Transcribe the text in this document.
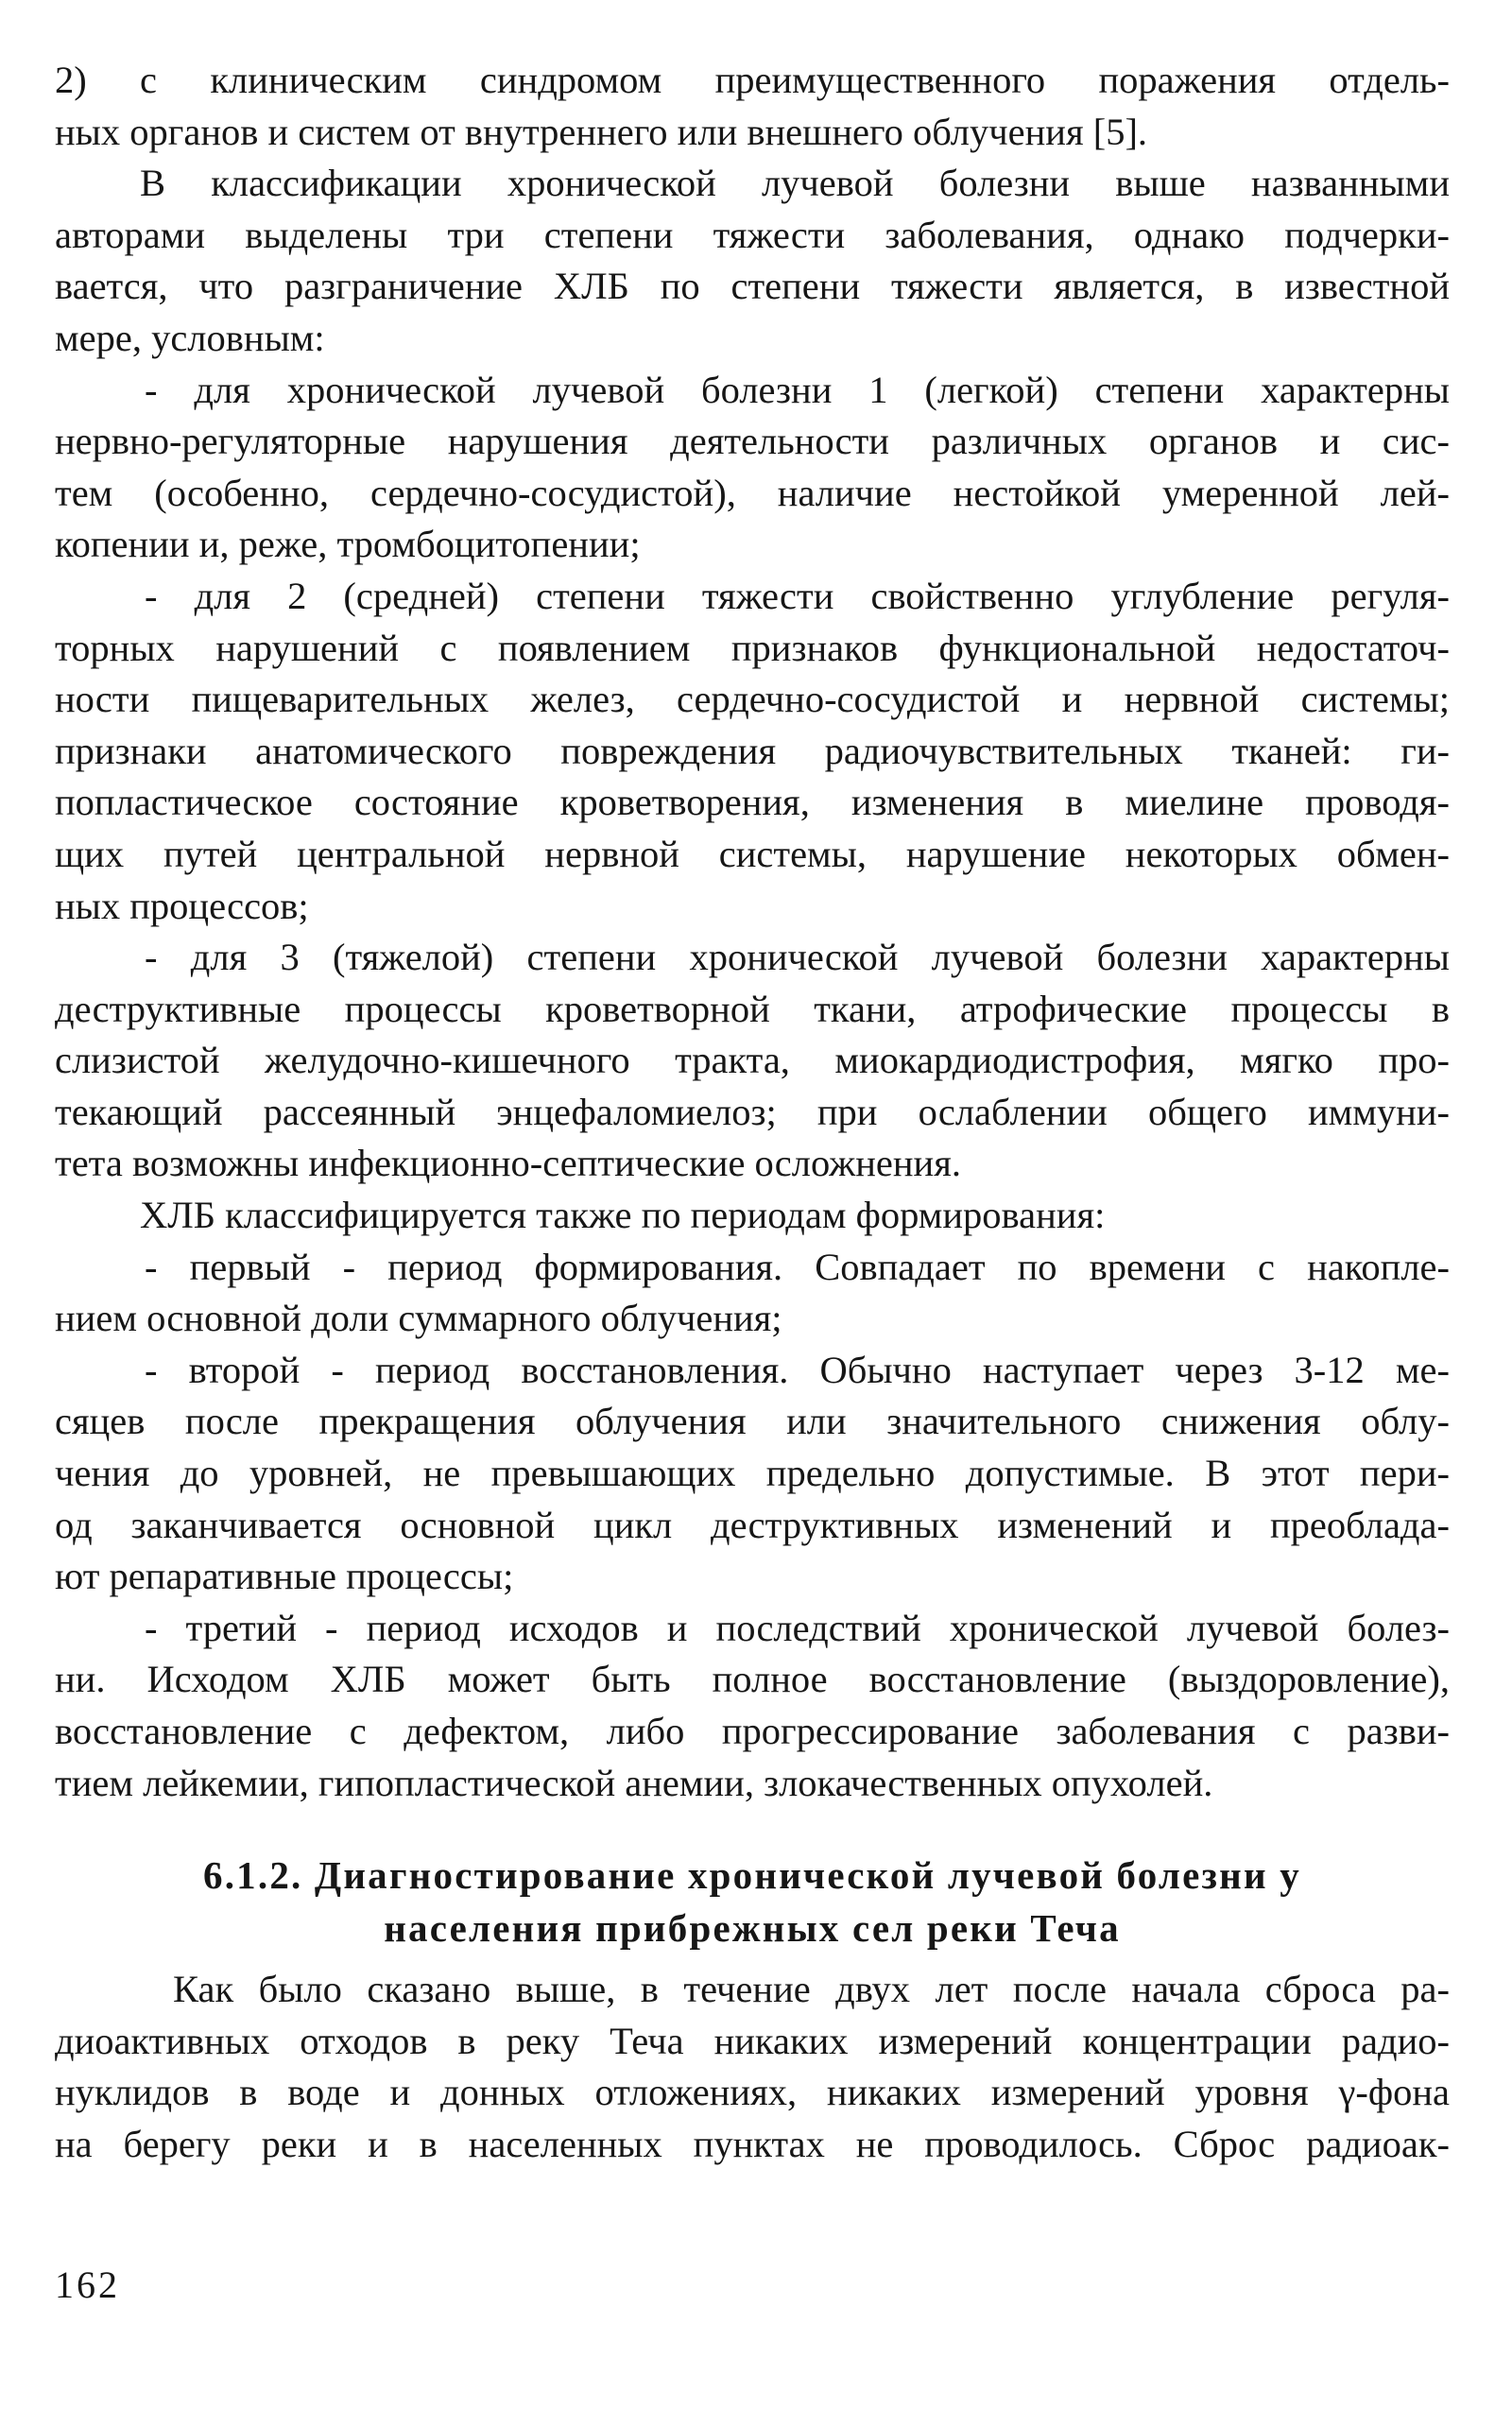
2) с клиническим синдромом преимущественного поражения отдель-
ных органов и систем от внутреннего или внешнего облучения [5].
В классификации хронической лучевой болезни выше названными
авторами выделены три степени тяжести заболевания, однако подчерки-
вается, что разграничение ХЛБ по степени тяжести является, в известной
мере, условным:
- для хронической лучевой болезни 1 (легкой) степени характерны
нервно-регуляторные нарушения деятельности различных органов и сис-
тем (особенно, сердечно-сосудистой), наличие нестойкой умеренной лей-
копении и, реже, тромбоцитопении;
- для 2 (средней) степени тяжести свойственно углубление регуля-
торных нарушений с появлением признаков функциональной недостаточ-
ности пищеварительных желез, сердечно-сосудистой и нервной системы;
признаки анатомического повреждения радиочувствительных тканей: ги-
попластическое состояние кроветворения, изменения в миелине проводя-
щих путей центральной нервной системы, нарушение некоторых обмен-
ных процессов;
- для 3 (тяжелой) степени хронической лучевой болезни характерны
деструктивные процессы кроветворной ткани, атрофические процессы в
слизистой желудочно-кишечного тракта, миокардиодистрофия, мягко про-
текающий рассеянный энцефаломиелоз; при ослаблении общего иммуни-
тета возможны инфекционно-септические осложнения.
ХЛБ классифицируется также по периодам формирования:
- первый - период формирования. Совпадает по времени с накопле-
нием основной доли суммарного облучения;
- второй - период восстановления. Обычно наступает через 3-12 ме-
сяцев после прекращения облучения или значительного снижения облу-
чения до уровней, не превышающих предельно допустимые. В этот пери-
од заканчивается основной цикл деструктивных изменений и преоблада-
ют репаративные процессы;
- третий - период исходов и последствий хронической лучевой болез-
ни. Исходом ХЛБ может быть полное восстановление (выздоровление),
восстановление с дефектом, либо прогрессирование заболевания с разви-
тием лейкемии, гипопластической анемии, злокачественных опухолей.
6.1.2. Диагностирование хронической лучевой болезни у
населения прибрежных сел реки Теча
Как было сказано выше, в течение двух лет после начала сброса ра-
диоактивных отходов в реку Теча никаких измерений концентрации радио-
нуклидов в воде и донных отложениях, никаких измерений уровня γ-фона
на берегу реки и в населенных пунктах не проводилось. Сброс радиоак-
162
